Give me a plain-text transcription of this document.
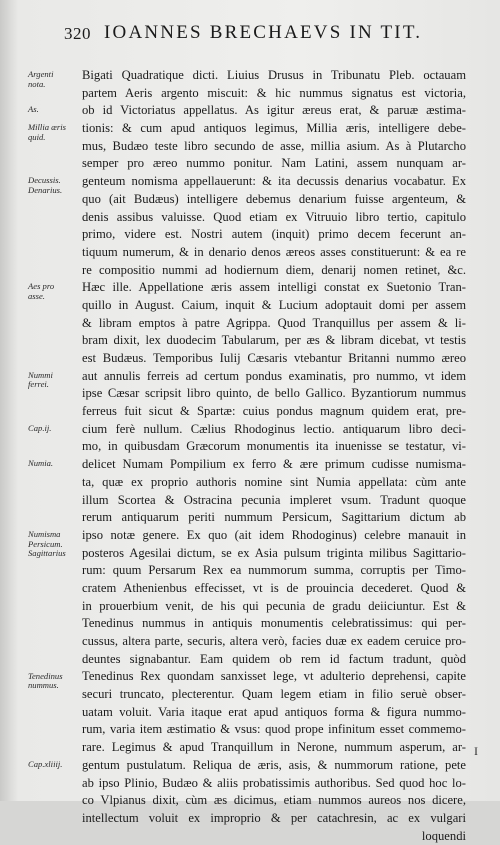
320 IOANNES BRECHAEVS IN TIT.
Bigati Quadratique dicti. Liuius Drusus in Tribunatu Pleb. octauam
partem Aeris argento miscuit: & hic nummus signatus est victoria,
ob id Victoriatus appellatus. As igitur æreus erat, & paruæ æstima-
tionis: & cum apud antiquos legimus, Millia æris, intelligere debe-
mus, Budæo teste libro secundo de asse, millia asium. As à Plutarcho
semper pro æreo nummo ponitur. Nam Latini, assem nunquam ar-
genteum nomisma appellauerunt: & ita decussis denarius vocabatur. Ex
quo (ait Budæus) intelligere debemus denarium fuisse argenteum, &
denis assibus valuisse. Quod etiam ex Vitruuio libro tertio, capitulo
primo, videre est. Nostri autem (inquit) primo decem fecerunt an-
tiquum numerum, & in denario denos æreos asses constituerunt: & ea re
re compositio nummi ad hodiernum diem, denarij nomen retinet, &c.
Hæc ille. Appellatione æris assem intelligi constat ex Suetonio Tran-
quillo in August. Caium, inquit & Lucium adoptauit domi per assem
& libram emptos à patre Agrippa. Quod Tranquillus per assem & li-
bram dixit, lex duodecim Tabularum, per æs & libram dicebat, vt testis
est Budæus. Temporibus Iulij Cæsaris vtebantur Britanni nummo æreo
aut annulis ferreis ad certum pondus examinatis, pro nummo, vt idem
ipse Cæsar scripsit libro quinto, de bello Gallico. Byzantiorum nummus
ferreus fuit sicut & Spartæ: cuius pondus magnum quidem erat, pre-
cium ferè nullum. Cælius Rhodoginus lectio. antiquarum libro deci-
mo, in quibusdam Græcorum monumentis ita inuenisse se testatur, vi-
delicet Numam Pompilium ex ferro & ære primum cudisse numisma-
ta, quæ ex proprio authoris nomine sint Numia appellata: cùm ante
illum Scortea & Ostracina pecunia impleret vsum. Tradunt quoque
rerum antiquarum periti nummum Persicum, Sagittarium dictum ab
ipso notæ genere. Ex quo (ait idem Rhodoginus) celebre manauit in
posteros Agesilai dictum, se ex Asia pulsum triginta milibus Sagittario-
rum: quum Persarum Rex ea nummorum summa, corruptis per Timo-
cratem Athenienbus effecisset, vt is de prouincia decederet. Quod &
in prouerbium venit, de his qui pecunia de gradu deiiciuntur. Est &
Tenedinus nummus in antiquis monumentis celebratissimus: qui per-
cussus, altera parte, securis, altera verò, facies duæ ex eadem ceruice pro-
deuntes signabantur. Eam quidem ob rem id factum tradunt, quòd
Tenedinus Rex quondam sanxisset lege, vt adulterio deprehensi, capite
securi truncato, plecterentur. Quam legem etiam in filio seruè obser-
uatam voluit. Varia itaque erat apud antiquos forma & figura nummo-
rum, varia item æstimatio & vsus: quod prope infinitum esset commemo-
rare. Legimus & apud Tranquillum in Nerone, nummum asperum, ar-
gentum pustulatum. Reliqua de æris, asis, & nummorum ratione, pete
ab ipso Plinio, Budæo & aliis probatissimis authoribus. Sed quod hoc lo-
co Vlpianus dixit, cùm æs dicimus, etiam nummos aureos nos dicere,
intellectum voluit ex improprio & per catachresin, ac ex vulgari
loquendi
Argenti
nota.
As.
Millia æris
quid.
Decussis.
Denarius.
Aes pro
asse.
Nummi
ferrei.
Cap.ij.
Numia.
Numisma
Persicum.
Sagittarius
Tenedinus
nummus.
Cap.xliiij.
I
